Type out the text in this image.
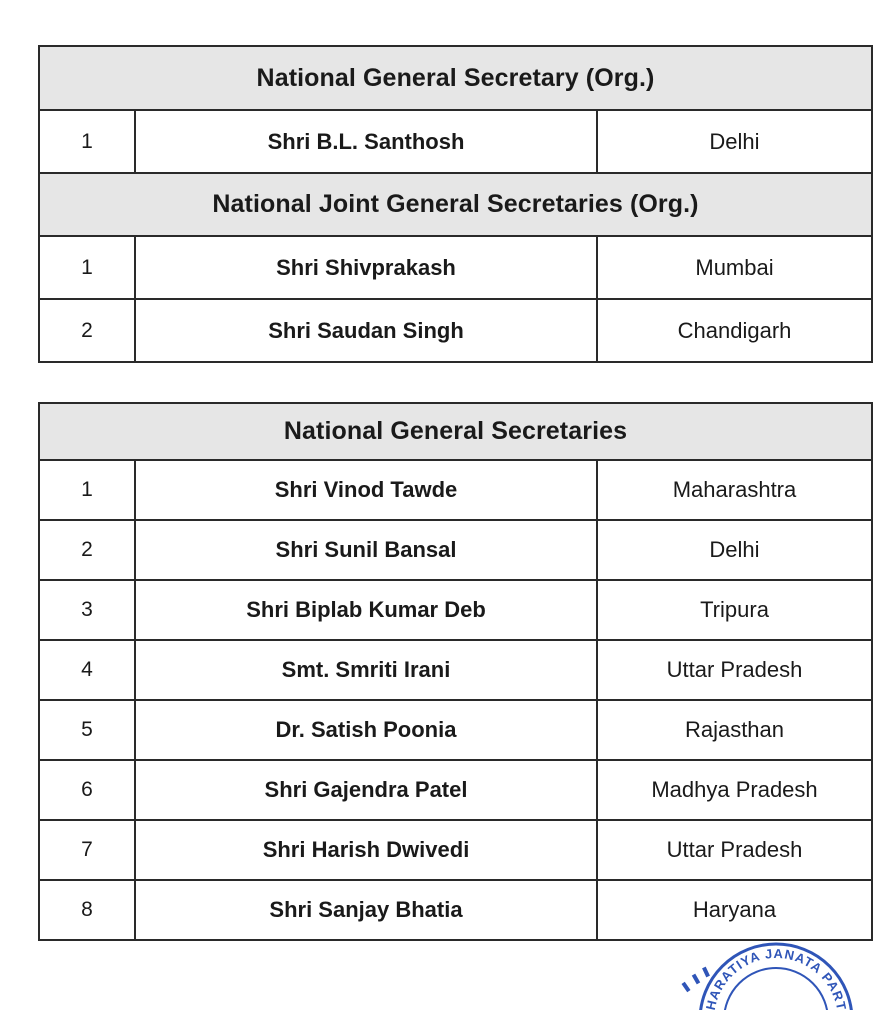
National General Secretary (Org.)		
1	Shri B.L. Santhosh	Delhi
National Joint General Secretaries (Org.)		
1	Shri Shivprakash	Mumbai
2	Shri Saudan Singh	Chandigarh
National General Secretaries		
1	Shri Vinod Tawde	Maharashtra
2	Shri Sunil Bansal	Delhi
3	Shri Biplab Kumar Deb	Tripura
4	Smt. Smriti Irani	Uttar Pradesh
5	Dr. Satish Poonia	Rajasthan
6	Shri Gajendra Patel	Madhya Pradesh
7	Shri Harish Dwivedi	Uttar Pradesh
8	Shri Sanjay Bhatia	Haryana
HARATIYA JANATA PART
